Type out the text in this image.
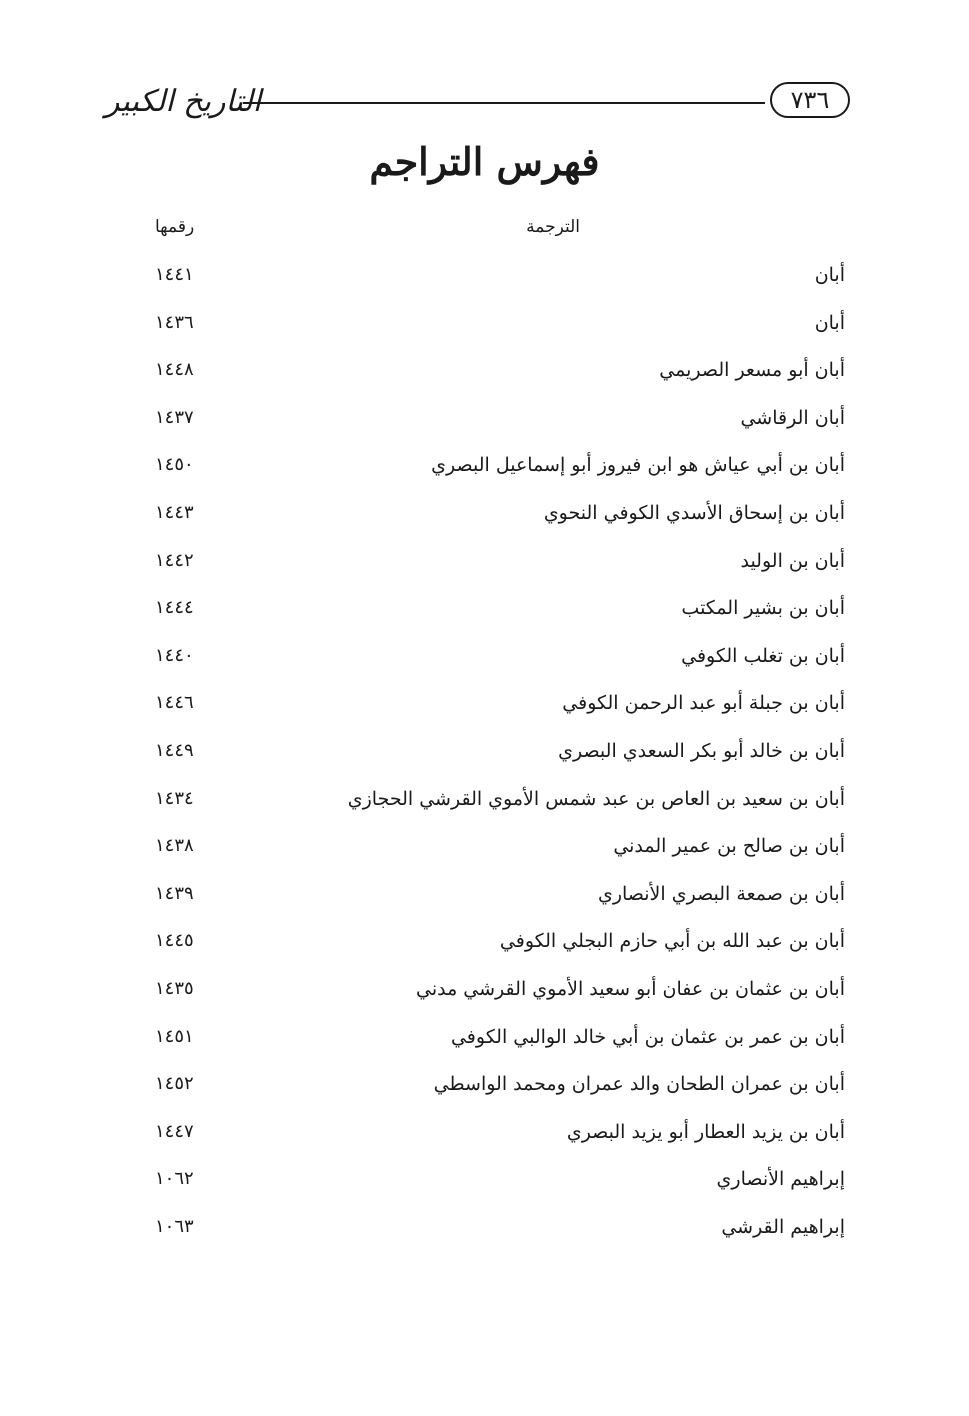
التاريخ الكبير	٧٣٦
فهرس التراجم
الترجمة
رقمها
أبان
١٤٤١
أبان
١٤٣٦
أبان أبو مسعر الصريمي
١٤٤٨
أبان الرقاشي
١٤٣٧
أبان بن أبي عياش هو ابن فيروز أبو إسماعيل البصري
١٤٥٠
أبان بن إسحاق الأسدي الكوفي النحوي
١٤٤٣
أبان بن الوليد
١٤٤٢
أبان بن بشير المكتب
١٤٤٤
أبان بن تغلب الكوفي
١٤٤٠
أبان بن جبلة أبو عبد الرحمن الكوفي
١٤٤٦
أبان بن خالد أبو بكر السعدي البصري
١٤٤٩
أبان بن سعيد بن العاص بن عبد شمس الأموي القرشي الحجازي
١٤٣٤
أبان بن صالح بن عمير المدني
١٤٣٨
أبان بن صمعة البصري الأنصاري
١٤٣٩
أبان بن عبد الله بن أبي حازم البجلي الكوفي
١٤٤٥
أبان بن عثمان بن عفان أبو سعيد الأموي القرشي مدني
١٤٣٥
أبان بن عمر بن عثمان بن أبي خالد الوالبي الكوفي
١٤٥١
أبان بن عمران الطحان والد عمران ومحمد الواسطي
١٤٥٢
أبان بن يزيد العطار أبو يزيد البصري
١٤٤٧
إبراهيم الأنصاري
١٠٦٢
إبراهيم القرشي
١٠٦٣
